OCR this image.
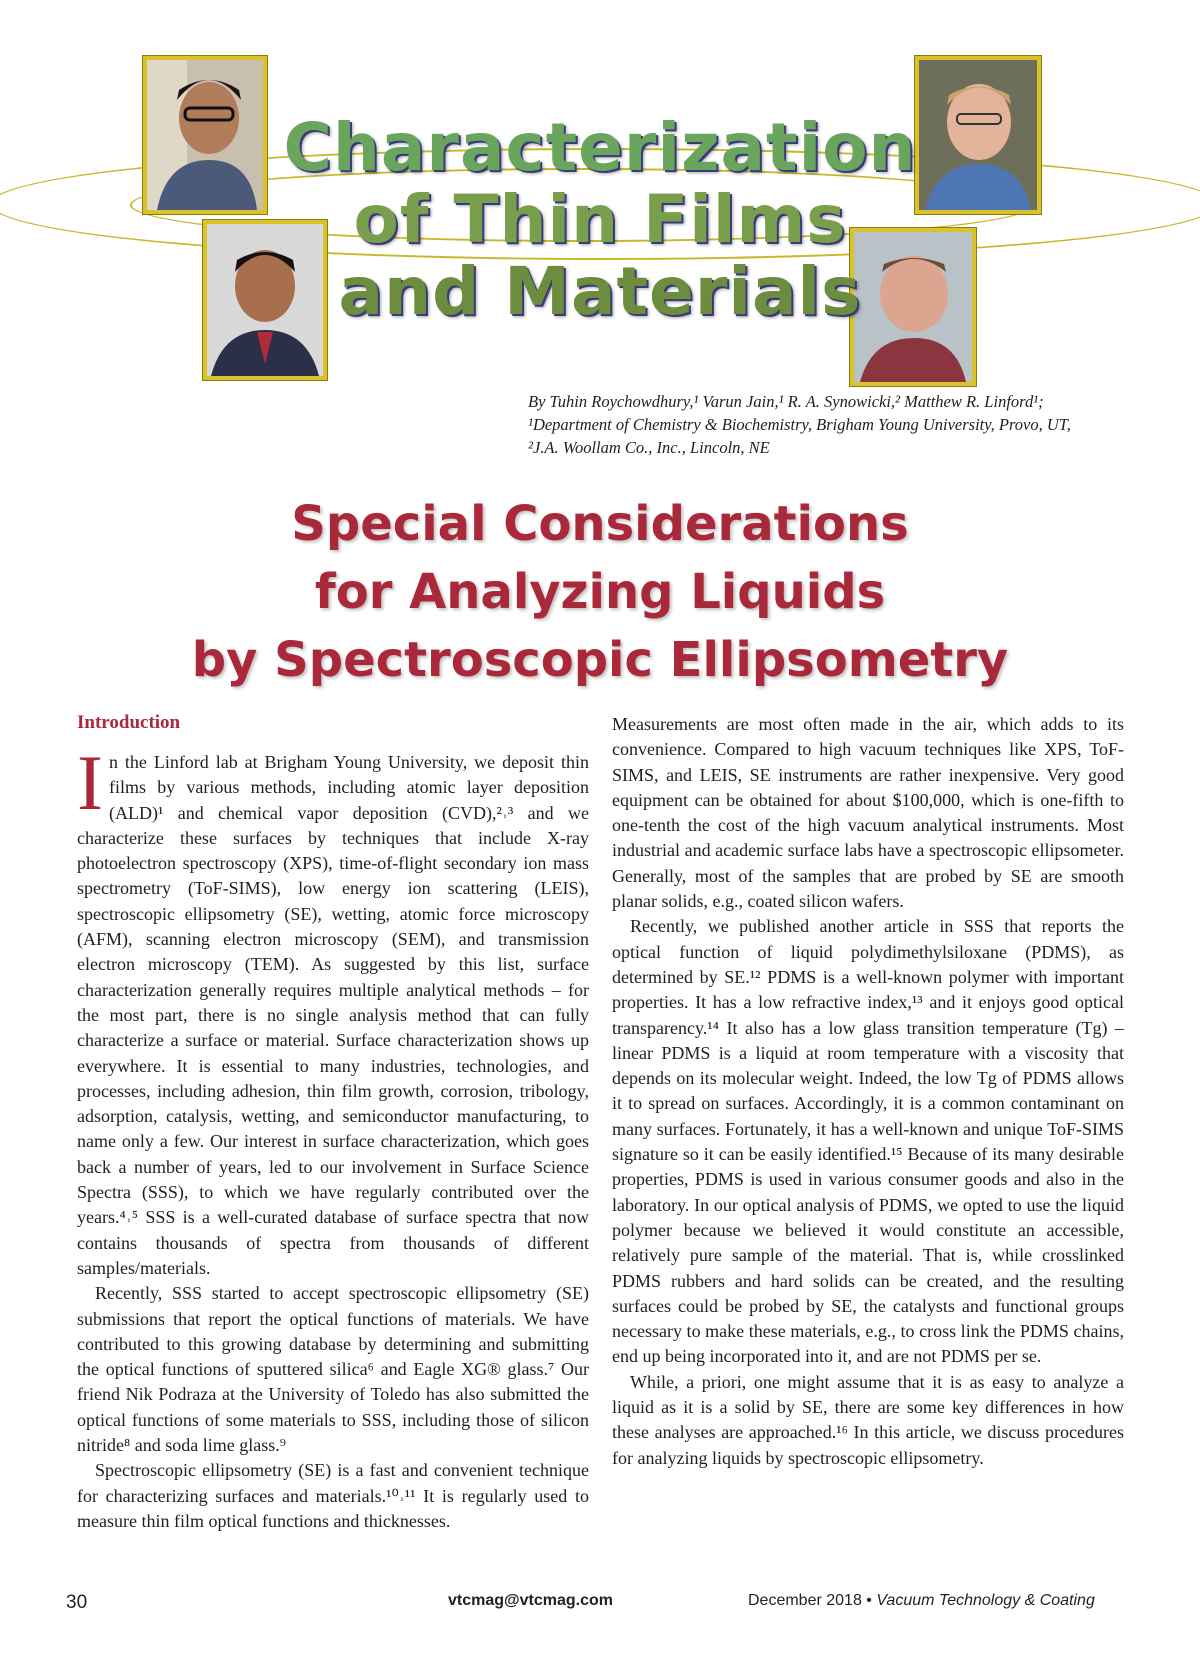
Characterization
of Thin Films
and Materials
By Tuhin Roychowdhury,¹ Varun Jain,¹ R. A. Synowicki,² Matthew R. Linford¹;
¹Department of Chemistry & Biochemistry, Brigham Young University, Provo, UT,
²J.A. Woollam Co., Inc., Lincoln, NE
Special Considerations
for Analyzing Liquids
by Spectroscopic Ellipsometry
Introduction

In the Linford lab at Brigham Young University, we deposit thin films by various methods, including atomic layer deposition (ALD)¹ and chemical vapor deposition (CVD),²˒³ and we characterize these surfaces by techniques that include X-ray photoelectron spectroscopy (XPS), time-of-flight secondary ion mass spectrometry (ToF-SIMS), low energy ion scattering (LEIS), spectroscopic ellipsometry (SE), wetting, atomic force microscopy (AFM), scanning electron microscopy (SEM), and transmission electron microscopy (TEM). As suggested by this list, surface characterization generally requires multiple analytical methods – for the most part, there is no single analysis method that can fully characterize a surface or material. Surface characterization shows up everywhere. It is essential to many industries, technologies, and processes, including adhesion, thin film growth, corrosion, tribology, adsorption, catalysis, wetting, and semiconductor manufacturing, to name only a few. Our interest in surface characterization, which goes back a number of years, led to our involvement in Surface Science Spectra (SSS), to which we have regularly contributed over the years.⁴˒⁵ SSS is a well-curated database of surface spectra that now contains thousands of spectra from thousands of different samples/materials.

Recently, SSS started to accept spectroscopic ellipsometry (SE) submissions that report the optical functions of materials. We have contributed to this growing database by determining and submitting the optical functions of sputtered silica⁶ and Eagle XG® glass.⁷ Our friend Nik Podraza at the University of Toledo has also submitted the optical functions of some materials to SSS, including those of silicon nitride⁸ and soda lime glass.⁹

Spectroscopic ellipsometry (SE) is a fast and convenient technique for characterizing surfaces and materials.¹⁰˒¹¹ It is regularly used to measure thin film optical functions and thicknesses.

Measurements are most often made in the air, which adds to its convenience. Compared to high vacuum techniques like XPS, ToF-SIMS, and LEIS, SE instruments are rather inexpensive. Very good equipment can be obtained for about $100,000, which is one-fifth to one-tenth the cost of the high vacuum analytical instruments. Most industrial and academic surface labs have a spectroscopic ellipsometer. Generally, most of the samples that are probed by SE are smooth planar solids, e.g., coated silicon wafers.

Recently, we published another article in SSS that reports the optical function of liquid polydimethylsiloxane (PDMS), as determined by SE.¹² PDMS is a well-known polymer with important properties. It has a low refractive index,¹³ and it enjoys good optical transparency.¹⁴ It also has a low glass transition temperature (Tg) – linear PDMS is a liquid at room temperature with a viscosity that depends on its molecular weight. Indeed, the low Tg of PDMS allows it to spread on surfaces. Accordingly, it is a common contaminant on many surfaces. Fortunately, it has a well-known and unique ToF-SIMS signature so it can be easily identified.¹⁵ Because of its many desirable properties, PDMS is used in various consumer goods and also in the laboratory. In our optical analysis of PDMS, we opted to use the liquid polymer because we believed it would constitute an accessible, relatively pure sample of the material. That is, while crosslinked PDMS rubbers and hard solids can be created, and the resulting surfaces could be probed by SE, the catalysts and functional groups necessary to make these materials, e.g., to cross link the PDMS chains, end up being incorporated into it, and are not PDMS per se.

While, a priori, one might assume that it is as easy to analyze a liquid as it is a solid by SE, there are some key differences in how these analyses are approached.¹⁶ In this article, we discuss procedures for analyzing liquids by spectroscopic ellipsometry.

30	vtcmag@vtcmag.com	December 2018 • Vacuum Technology & Coating
